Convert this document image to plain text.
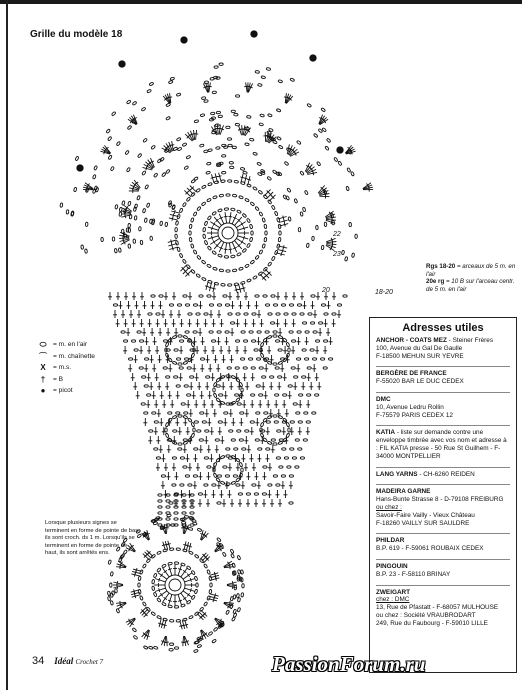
Grille du modèle 18
22
23
20	18-20
Rgs 18-20 = arceaux de 5 m. en l'air
20e rg = 10 B sur l'arceau centr. de 5 m. en l'air
⬭ = m. en l'air
⌒ = m. chaînette
X	= m.s.
†	= B
●	= picot
Lorsque plusieurs signes se terminent en forme de pointe de bas, ils sont croch. ds 1 m. Lorsqu'ils se terminent en forme de pointe de haut, ils sont arrêtés ens.
Adresses utiles
ANCHOR - COATS MEZ - Steiner Frères
100, Avenue du Gal De Gaulle
F-18500 MEHUN SUR YEVRE
BERGÈRE DE FRANCE
F-55020 BAR LE DUC CEDEX
DMC
10, Avenue Ledru Rollin
F-75579 PARIS CEDEX 12
KATIA - liste sur demande contre une enveloppe timbrée avec vos nom et adresse à : FIL KATIA presse - 50 Rue St Guilhem - F-34000 MONTPELLIER
LANG YARNS - CH-6260 REIDEN
MADEIRA GARNE
Hans-Bunte Strasse 8 - D-79108 FREIBURG
ou chez :
Savoir-Faire Vailly - Vieux Château
F-18260 VAILLY SUR SAULDRE
PHILDAR
B.P. 619 - F-59061 ROUBAIX CEDEX
PINGOUIN
B.P. 23 - F-58110 BRINAY
ZWEIGART
chez : DMC
13, Rue de Pfastatt - F-68057 MULHOUSE
ou chez : Société VRAUBRODART
249, Rue du Faubourg - F-59010 LILLE
34 Idéal Crochet 7	PassionForum.ru
